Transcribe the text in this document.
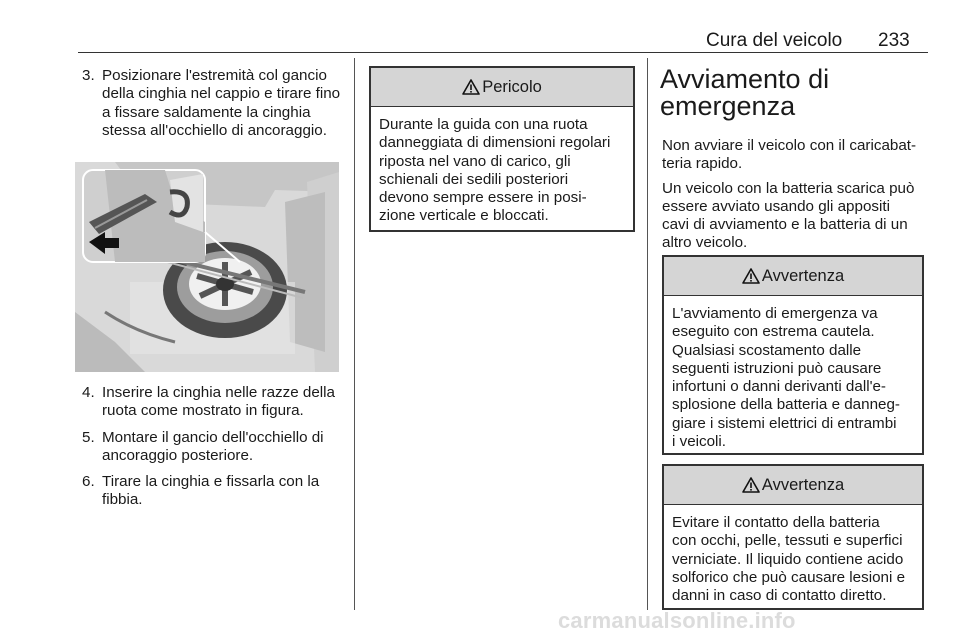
Cura del veicolo 233
3. Posizionare l'estremità col gancio della cinghia nel cappio e tirare fino a fissare saldamente la cinghia stessa all'occhiello di ancoraggio.
4. Inserire la cinghia nelle razze della ruota come mostrato in figura.
5. Montare il gancio dell'occhiello di ancoraggio posteriore.
6. Tirare la cinghia e fissarla con la fibbia.
Pericolo
Durante la guida con una ruota
danneggiata di dimensioni regolari
riposta nel vano di carico, gli
schienali dei sedili posteriori
devono sempre essere in posi-
zione verticale e bloccati.
Avviamento di
emergenza
Non avviare il veicolo con il caricabat-
teria rapido.
Un veicolo con la batteria scarica può
essere avviato usando gli appositi
cavi di avviamento e la batteria di un
altro veicolo.
Avvertenza
L'avviamento di emergenza va
eseguito con estrema cautela.
Qualsiasi scostamento dalle
seguenti istruzioni può causare
infortuni o danni derivanti dall'e-
splosione della batteria e danneg-
giare i sistemi elettrici di entrambi
i veicoli.
Avvertenza
Evitare il contatto della batteria
con occhi, pelle, tessuti e superfici
verniciate. Il liquido contiene acido
solforico che può causare lesioni e
danni in caso di contatto diretto.
carmanualsonline.info
